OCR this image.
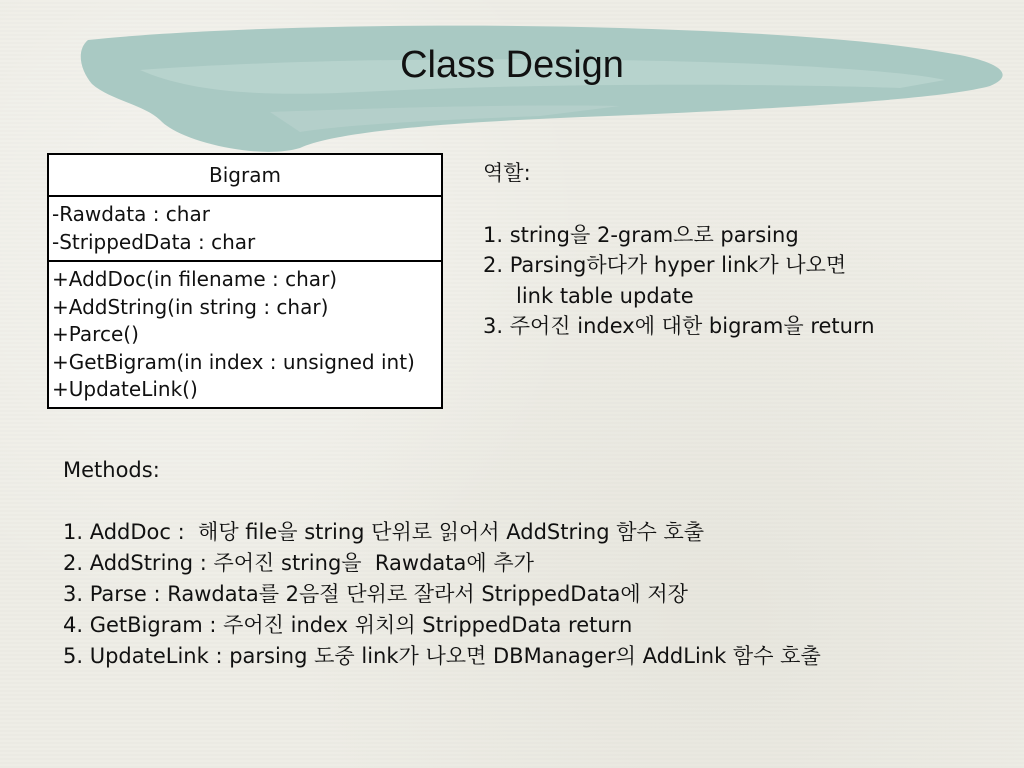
Class Design
Bigram
-Rawdata : char
-StrippedData : char
+AddDoc(in filename : char)
+AddString(in string : char)
+Parce()
+GetBigram(in index : unsigned int)
+UpdateLink()
역할:
1. string을 2-gram으로 parsing
2. Parsing하다가 hyper link가 나오면
link table update
3. 주어진 index에 대한 bigram을 return
Methods:
1. AddDoc :  해당 file을 string 단위로 읽어서 AddString 함수 호출
2. AddString : 주어진 string을  Rawdata에 추가
3. Parse : Rawdata를 2음절 단위로 잘라서 StrippedData에 저장
4. GetBigram : 주어진 index 위치의 StrippedData return
5. UpdateLink : parsing 도중 link가 나오면 DBManager의 AddLink 함수 호출
